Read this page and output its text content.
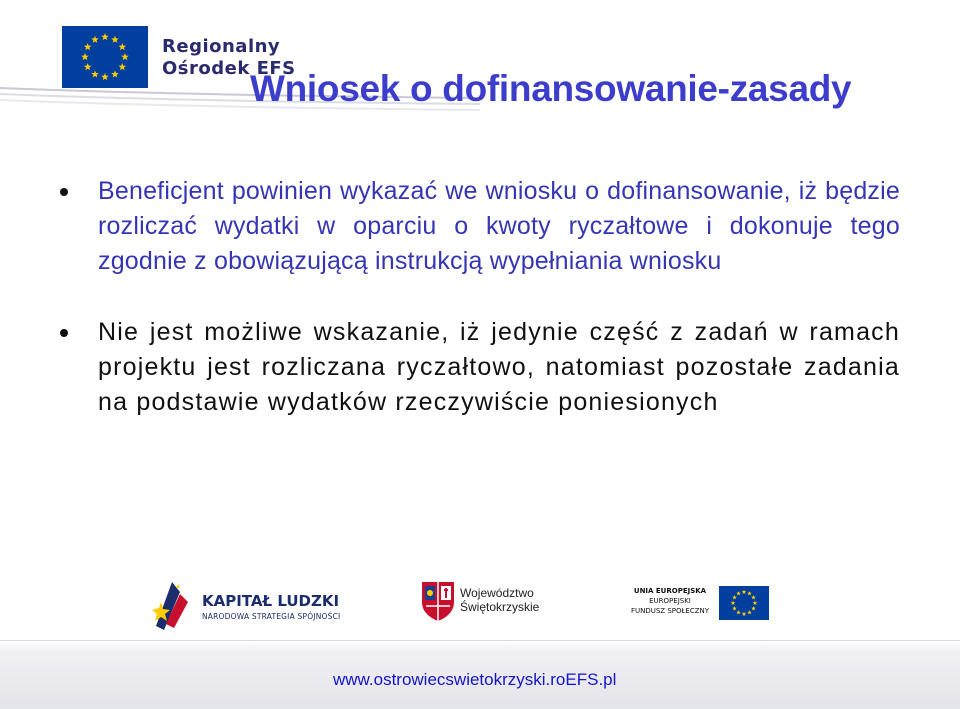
Regionalny
Ośrodek EFS
Wniosek o dofinansowanie-zasady
Beneficjent powinien wykazać we wniosku o dofinansowanie, iż będzie rozliczać wydatki w oparciu o kwoty ryczałtowe i dokonuje tego zgodnie z obowiązującą instrukcją wypełniania wniosku
Nie jest możliwe wskazanie, iż jedynie część z zadań w ramach projektu jest rozliczana ryczałtowo, natomiast pozostałe zadania na podstawie wydatków rzeczywiście poniesionych
KAPITAŁ LUDZKI
NARODOWA STRATEGIA SPÓJNOŚCI
Województwo
Świętokrzyskie
UNIA EUROPEJSKA
EUROPEJSKI
FUNDUSZ SPOŁECZNY
www.ostrowiecswietokrzyski.roEFS.pl
